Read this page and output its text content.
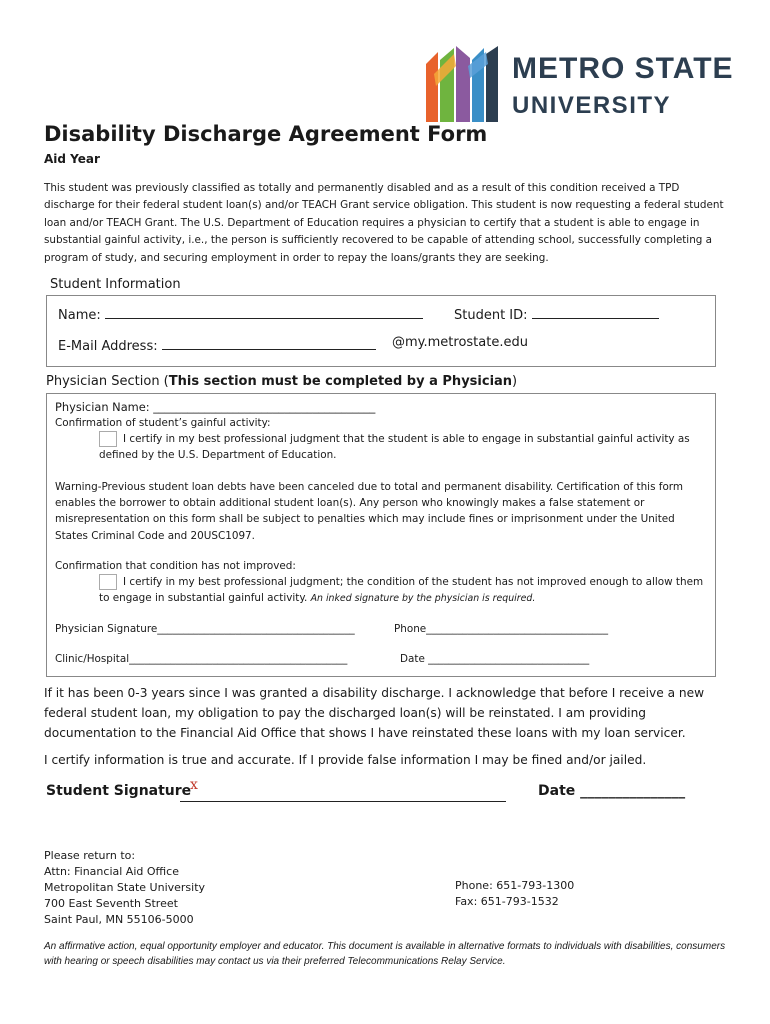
METRO STATE
UNIVERSITY
Disability Discharge Agreement Form
Aid Year
This student was previously classified as totally and permanently disabled and as a result of this condition received a TPD discharge for their federal student loan(s) and/or TEACH Grant service obligation. This student is now requesting a federal student loan and/or TEACH Grant. The U.S. Department of Education requires a physician to certify that a student is able to engage in substantial gainful activity, i.e., the person is sufficiently recovered to be capable of attending school, successfully completing a program of study, and securing employment in order to repay the loans/grants they are seeking.
Student Information
Name:	Student ID:
E-Mail Address:	@my.metrostate.edu
Physician Section (This section must be completed by a Physician)
Physician Name: _______________________________________
Confirmation of student’s gainful activity:
I certify in my best professional judgment that the student is able to engage in substantial gainful activity as
defined by the U.S. Department of Education.
Warning-Previous student loan debts have been canceled due to total and permanent disability. Certification of this form enables the borrower to obtain additional student loan(s). Any person who knowingly makes a false statement or misrepresentation on this form shall be subject to penalties which may include fines or imprisonment under the United States Criminal Code and 20USC1097.
Confirmation that condition has not improved:
I certify in my best professional judgment; the condition of the student has not improved enough to allow them
to engage in substantial gainful activity. An inked signature by the physician is required.
Physician Signature______________________________________	Phone___________________________________
Clinic/Hospital__________________________________________	Date _______________________________
If it has been 0-3 years since I was granted a disability discharge. I acknowledge that before I receive a new federal student loan, my obligation to pay the discharged loan(s) will be reinstated. I am providing documentation to the Financial Aid Office that shows I have reinstated these loans with my loan servicer.
I certify information is true and accurate. If I provide false information I may be fined and/or jailed.
Student Signature
x	Date _______________
Please return to:
Attn: Financial Aid Office
Metropolitan State University
700 East Seventh Street
Saint Paul, MN 55106-5000
Phone: 651-793-1300
Fax: 651-793-1532
An affirmative action, equal opportunity employer and educator. This document is available in alternative formats to individuals with disabilities, consumers with hearing or speech disabilities may contact us via their preferred Telecommunications Relay Service.
